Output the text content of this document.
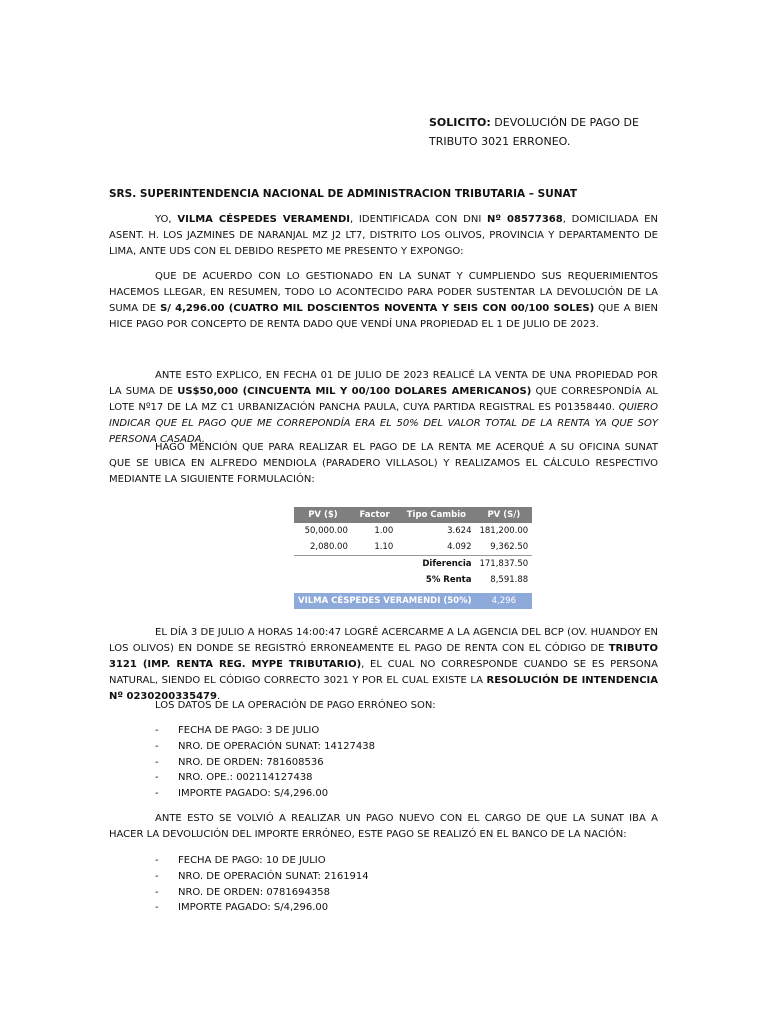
SOLICITO: DEVOLUCIÓN DE PAGO DE TRIBUTO 3021 ERRONEO.
SRS. SUPERINTENDENCIA NACIONAL DE ADMINISTRACION TRIBUTARIA – SUNAT

YO, VILMA CÉSPEDES VERAMENDI, IDENTIFICADA CON DNI Nº 08577368, DOMICILIADA EN ASENT. H. LOS JAZMINES DE NARANJAL MZ J2 LT7, DISTRITO LOS OLIVOS, PROVINCIA Y DEPARTAMENTO DE LIMA, ANTE UDS CON EL DEBIDO RESPETO ME PRESENTO Y EXPONGO:

QUE DE ACUERDO CON LO GESTIONADO EN LA SUNAT Y CUMPLIENDO SUS REQUERIMIENTOS HACEMOS LLEGAR, EN RESUMEN, TODO LO ACONTECIDO PARA PODER SUSTENTAR LA DEVOLUCIÓN DE LA SUMA DE S/ 4,296.00 (CUATRO MIL DOSCIENTOS NOVENTA Y SEIS CON 00/100 SOLES) QUE A BIEN HICE PAGO POR CONCEPTO DE RENTA DADO QUE VENDÍ UNA PROPIEDAD EL 1 DE JULIO DE 2023.

ANTE ESTO EXPLICO, EN FECHA 01 DE JULIO DE 2023 REALICÉ LA VENTA DE UNA PROPIEDAD POR LA SUMA DE US$50,000 (CINCUENTA MIL Y 00/100 DOLARES AMERICANOS) QUE CORRESPONDÍA AL LOTE Nº17 DE LA MZ C1 URBANIZACIÓN PANCHA PAULA, CUYA PARTIDA REGISTRAL ES P01358440. QUIERO INDICAR QUE EL PAGO QUE ME CORREPONDÍA ERA EL 50% DEL VALOR TOTAL DE LA RENTA YA QUE SOY PERSONA CASADA.

HAGO MENCIÓN QUE PARA REALIZAR EL PAGO DE LA RENTA ME ACERQUÉ A SU OFICINA SUNAT QUE SE UBICA EN ALFREDO MENDIOLA (PARADERO VILLASOL) Y REALIZAMOS EL CÁLCULO RESPECTIVO MEDIANTE LA SIGUIENTE FORMULACIÓN:

PV ($)	Factor	Tipo Cambio	PV (S/)
50,000.00	1.00	3.624	181,200.00
2,080.00	1.10	4.092	9,362.50
		Diferencia	171,837.50
		5% Renta	8,591.88

VILMA CÉSPEDES VERAMENDI (50%)			4,296

EL DÍA 3 DE JULIO A HORAS 14:00:47 LOGRÉ ACERCARME A LA AGENCIA DEL BCP (OV. HUANDOY EN LOS OLIVOS) EN DONDE SE REGISTRÓ ERRONEAMENTE EL PAGO DE RENTA CON EL CÓDIGO DE TRIBUTO 3121 (IMP. RENTA REG. MYPE TRIBUTARIO), EL CUAL NO CORRESPONDE CUANDO SE ES PERSONA NATURAL, SIENDO EL CÓDIGO CORRECTO 3021 Y POR EL CUAL EXISTE LA RESOLUCIÓN DE INTENDENCIA Nº 0230200335479.

LOS DATOS DE LA OPERACIÓN DE PAGO ERRÓNEO SON:

- FECHA DE PAGO: 3 DE JULIO
- NRO. DE OPERACIÓN SUNAT: 14127438
- NRO. DE ORDEN: 781608536
- NRO. OPE.: 002114127438
- IMPORTE PAGADO: S/4,296.00

ANTE ESTO SE VOLVIÓ A REALIZAR UN PAGO NUEVO CON EL CARGO DE QUE LA SUNAT IBA A HACER LA DEVOLUCIÓN DEL IMPORTE ERRÓNEO, ESTE PAGO SE REALIZÓ EN EL BANCO DE LA NACIÓN:

- FECHA DE PAGO: 10 DE JULIO
- NRO. DE OPERACIÓN SUNAT: 2161914
- NRO. DE ORDEN: 0781694358
- IMPORTE PAGADO: S/4,296.00
